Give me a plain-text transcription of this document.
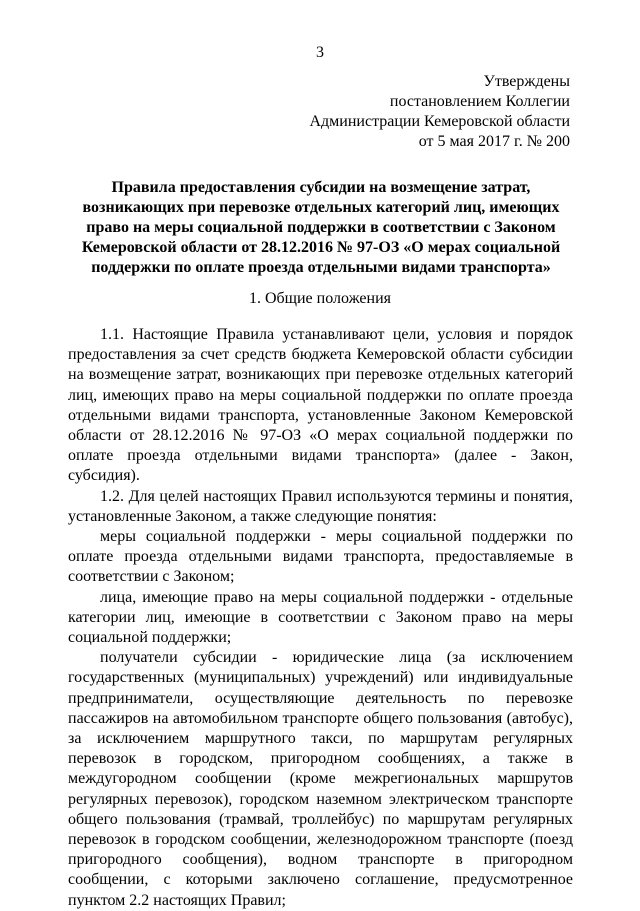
3
Утверждены
постановлением Коллегии
Администрации Кемеровской области
от 5 мая 2017 г. № 200
Правила предоставления субсидии на возмещение затрат, возникающих при перевозке отдельных категорий лиц, имеющих право на меры социальной поддержки в соответствии с Законом Кемеровской области от 28.12.2016 № 97-ОЗ «О мерах социальной поддержки по оплате проезда отдельными видами транспорта»
1. Общие положения

1.1. Настоящие Правила устанавливают цели, условия и порядок предоставления за счет средств бюджета Кемеровской области субсидии на возмещение затрат, возникающих при перевозке отдельных категорий лиц, имеющих право на меры социальной поддержки по оплате проезда отдельными видами транспорта, установленные Законом Кемеровской области от 28.12.2016 № 97-ОЗ «О мерах социальной поддержки по оплате проезда отдельными видами транспорта» (далее - Закон, субсидия).

1.2. Для целей настоящих Правил используются термины и понятия, установленные Законом, а также следующие понятия:

меры социальной поддержки - меры социальной поддержки по оплате проезда отдельными видами транспорта, предоставляемые в соответствии с Законом;

лица, имеющие право на меры социальной поддержки - отдельные категории лиц, имеющие в соответствии с Законом право на меры социальной поддержки;

получатели субсидии - юридические лица (за исключением государственных (муниципальных) учреждений) или индивидуальные предприниматели, осуществляющие деятельность по перевозке пассажиров на автомобильном транспорте общего пользования (автобус), за исключением маршрутного такси, по маршрутам регулярных перевозок в городском, пригородном сообщениях, а также в междугородном сообщении (кроме межрегиональных маршрутов регулярных перевозок), городском наземном электрическом транспорте общего пользования (трамвай, троллейбус) по маршрутам регулярных перевозок в городском сообщении, железнодорожном транспорте (поезд пригородного сообщения), водном транспорте в пригородном сообщении, с которыми заключено соглашение, предусмотренное пунктом 2.2 настоящих Правил;
